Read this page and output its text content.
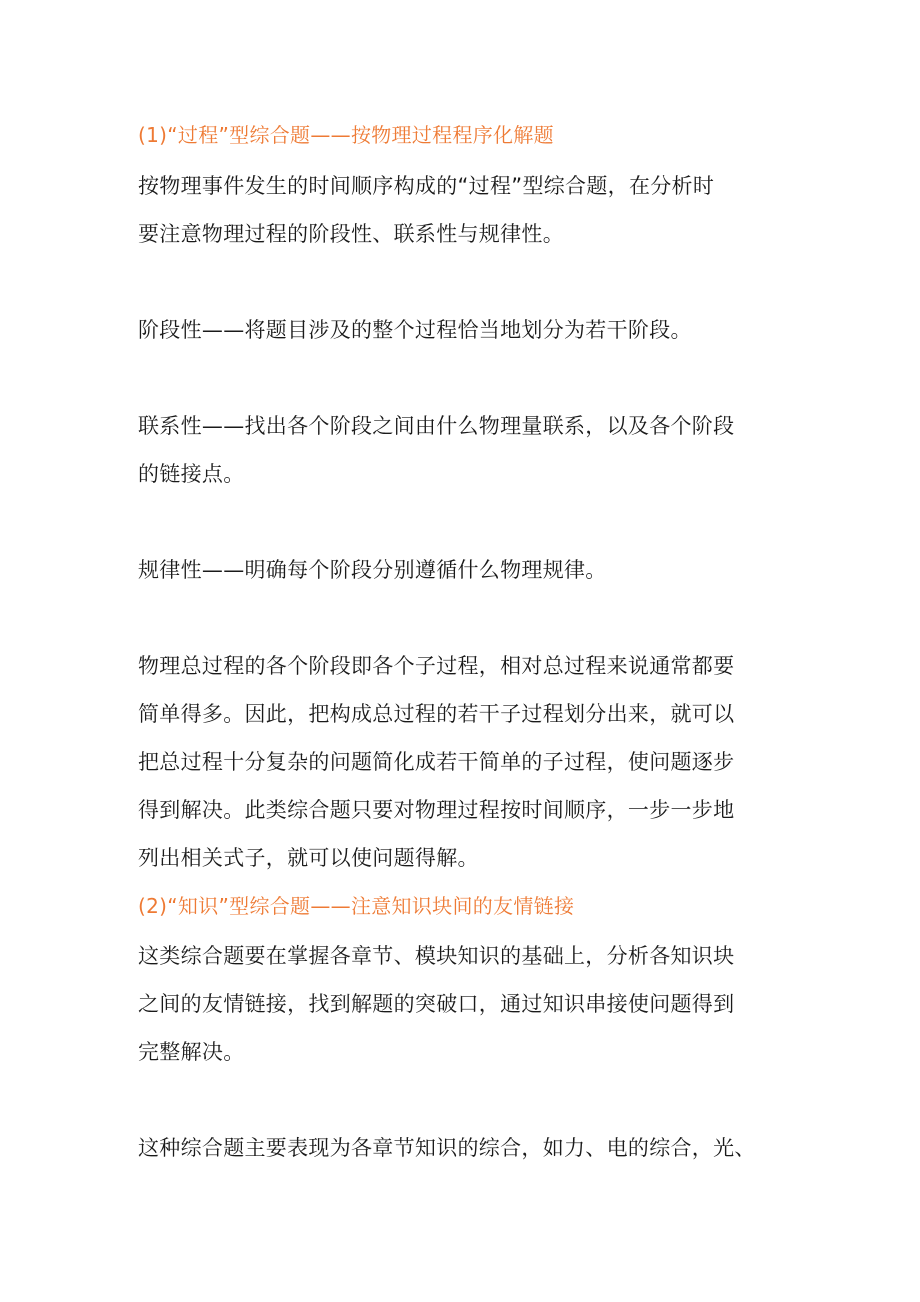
(1)“过程”型综合题——按物理过程程序化解题
按物理事件发生的时间顺序构成的“过程”型综合题，在分析时
要注意物理过程的阶段性、联系性与规律性。
阶段性——将题目涉及的整个过程恰当地划分为若干阶段。
联系性——找出各个阶段之间由什么物理量联系，以及各个阶段
的链接点。
规律性——明确每个阶段分别遵循什么物理规律。
物理总过程的各个阶段即各个子过程，相对总过程来说通常都要
简单得多。因此，把构成总过程的若干子过程划分出来，就可以
把总过程十分复杂的问题简化成若干简单的子过程，使问题逐步
得到解决。此类综合题只要对物理过程按时间顺序，一步一步地
列出相关式子，就可以使问题得解。
(2)“知识”型综合题——注意知识块间的友情链接
这类综合题要在掌握各章节、模块知识的基础上，分析各知识块
之间的友情链接，找到解题的突破口，通过知识串接使问题得到
完整解决。
这种综合题主要表现为各章节知识的综合，如力、电的综合，光、
